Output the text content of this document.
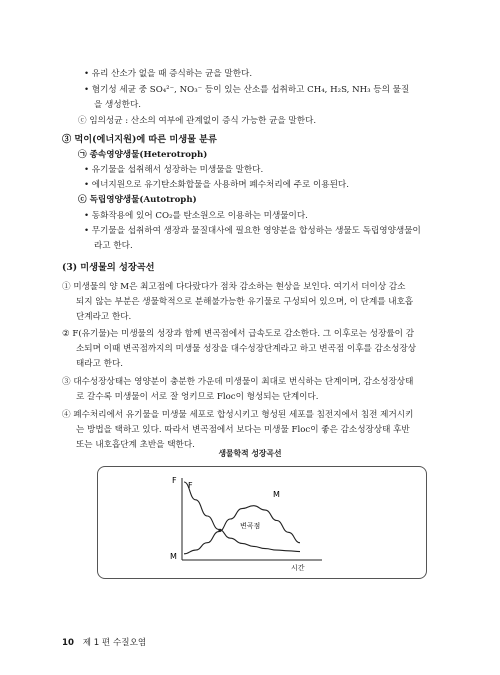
• 유리 산소가 없을 때 증식하는 균을 말한다.
• 혐기성 세균 중 SO₄²⁻, NO₃⁻ 등이 있는 산소를 섭취하고 CH₄, H₂S, NH₃ 등의 물질
을 생성한다.
ⓒ 임의성균 : 산소의 여부에 관계없이 증식 가능한 균을 말한다.
③ 먹이(에너지원)에 따른 미생물 분류
㉠ 종속영양생물(Heterotroph)
• 유기물을 섭취해서 성장하는 미생물을 말한다.
• 에너지원으로 유기탄소화합물을 사용하며 폐수처리에 주로 이용된다.
ⓒ 독립영양생물(Autotroph)
• 동화작용에 있어 CO₂를 탄소원으로 이용하는 미생물이다.
• 무기물을 섭취하여 생장과 물질대사에 필요한 영양분을 합성하는 생물도 독립영양생물이
라고 한다.
(3) 미생물의 성장곡선
① 미생물의 양 M은 최고점에 다다랐다가 점차 감소하는 현상을 보인다. 여기서 더이상 감소
되지 않는 부분은 생물학적으로 분해불가능한 유기물로 구성되어 있으며, 이 단계를 내호흡
단계라고 한다.
② F(유기물)는 미생물의 성장과 함께 변곡점에서 급속도로 감소한다. 그 이후로는 성장률이 감
소되며 이때 변곡점까지의 미생물 성장을 대수성장단계라고 하고 변곡점 이후를 감소성장상
태라고 한다.
③ 대수성장상태는 영양분이 충분한 가운데 미생물이 최대로 번식하는 단계이며, 감소성장상태
로 갈수록 미생물이 서로 잘 엉키므로 Floc이 형성되는 단계이다.
④ 폐수처리에서 유기물을 미생물 세포로 합성시키고 형성된 세포를 침전지에서 침전 제거시키
는 방법을 택하고 있다. 따라서 변곡점에서 보다는 미생물 Floc이 좋은 감소성장상태 후반
또는 내호흡단계 초반을 택한다.
생물학적 성장곡선
F
M
F
M
변곡점
시간
10 제 1 편 수질오염
